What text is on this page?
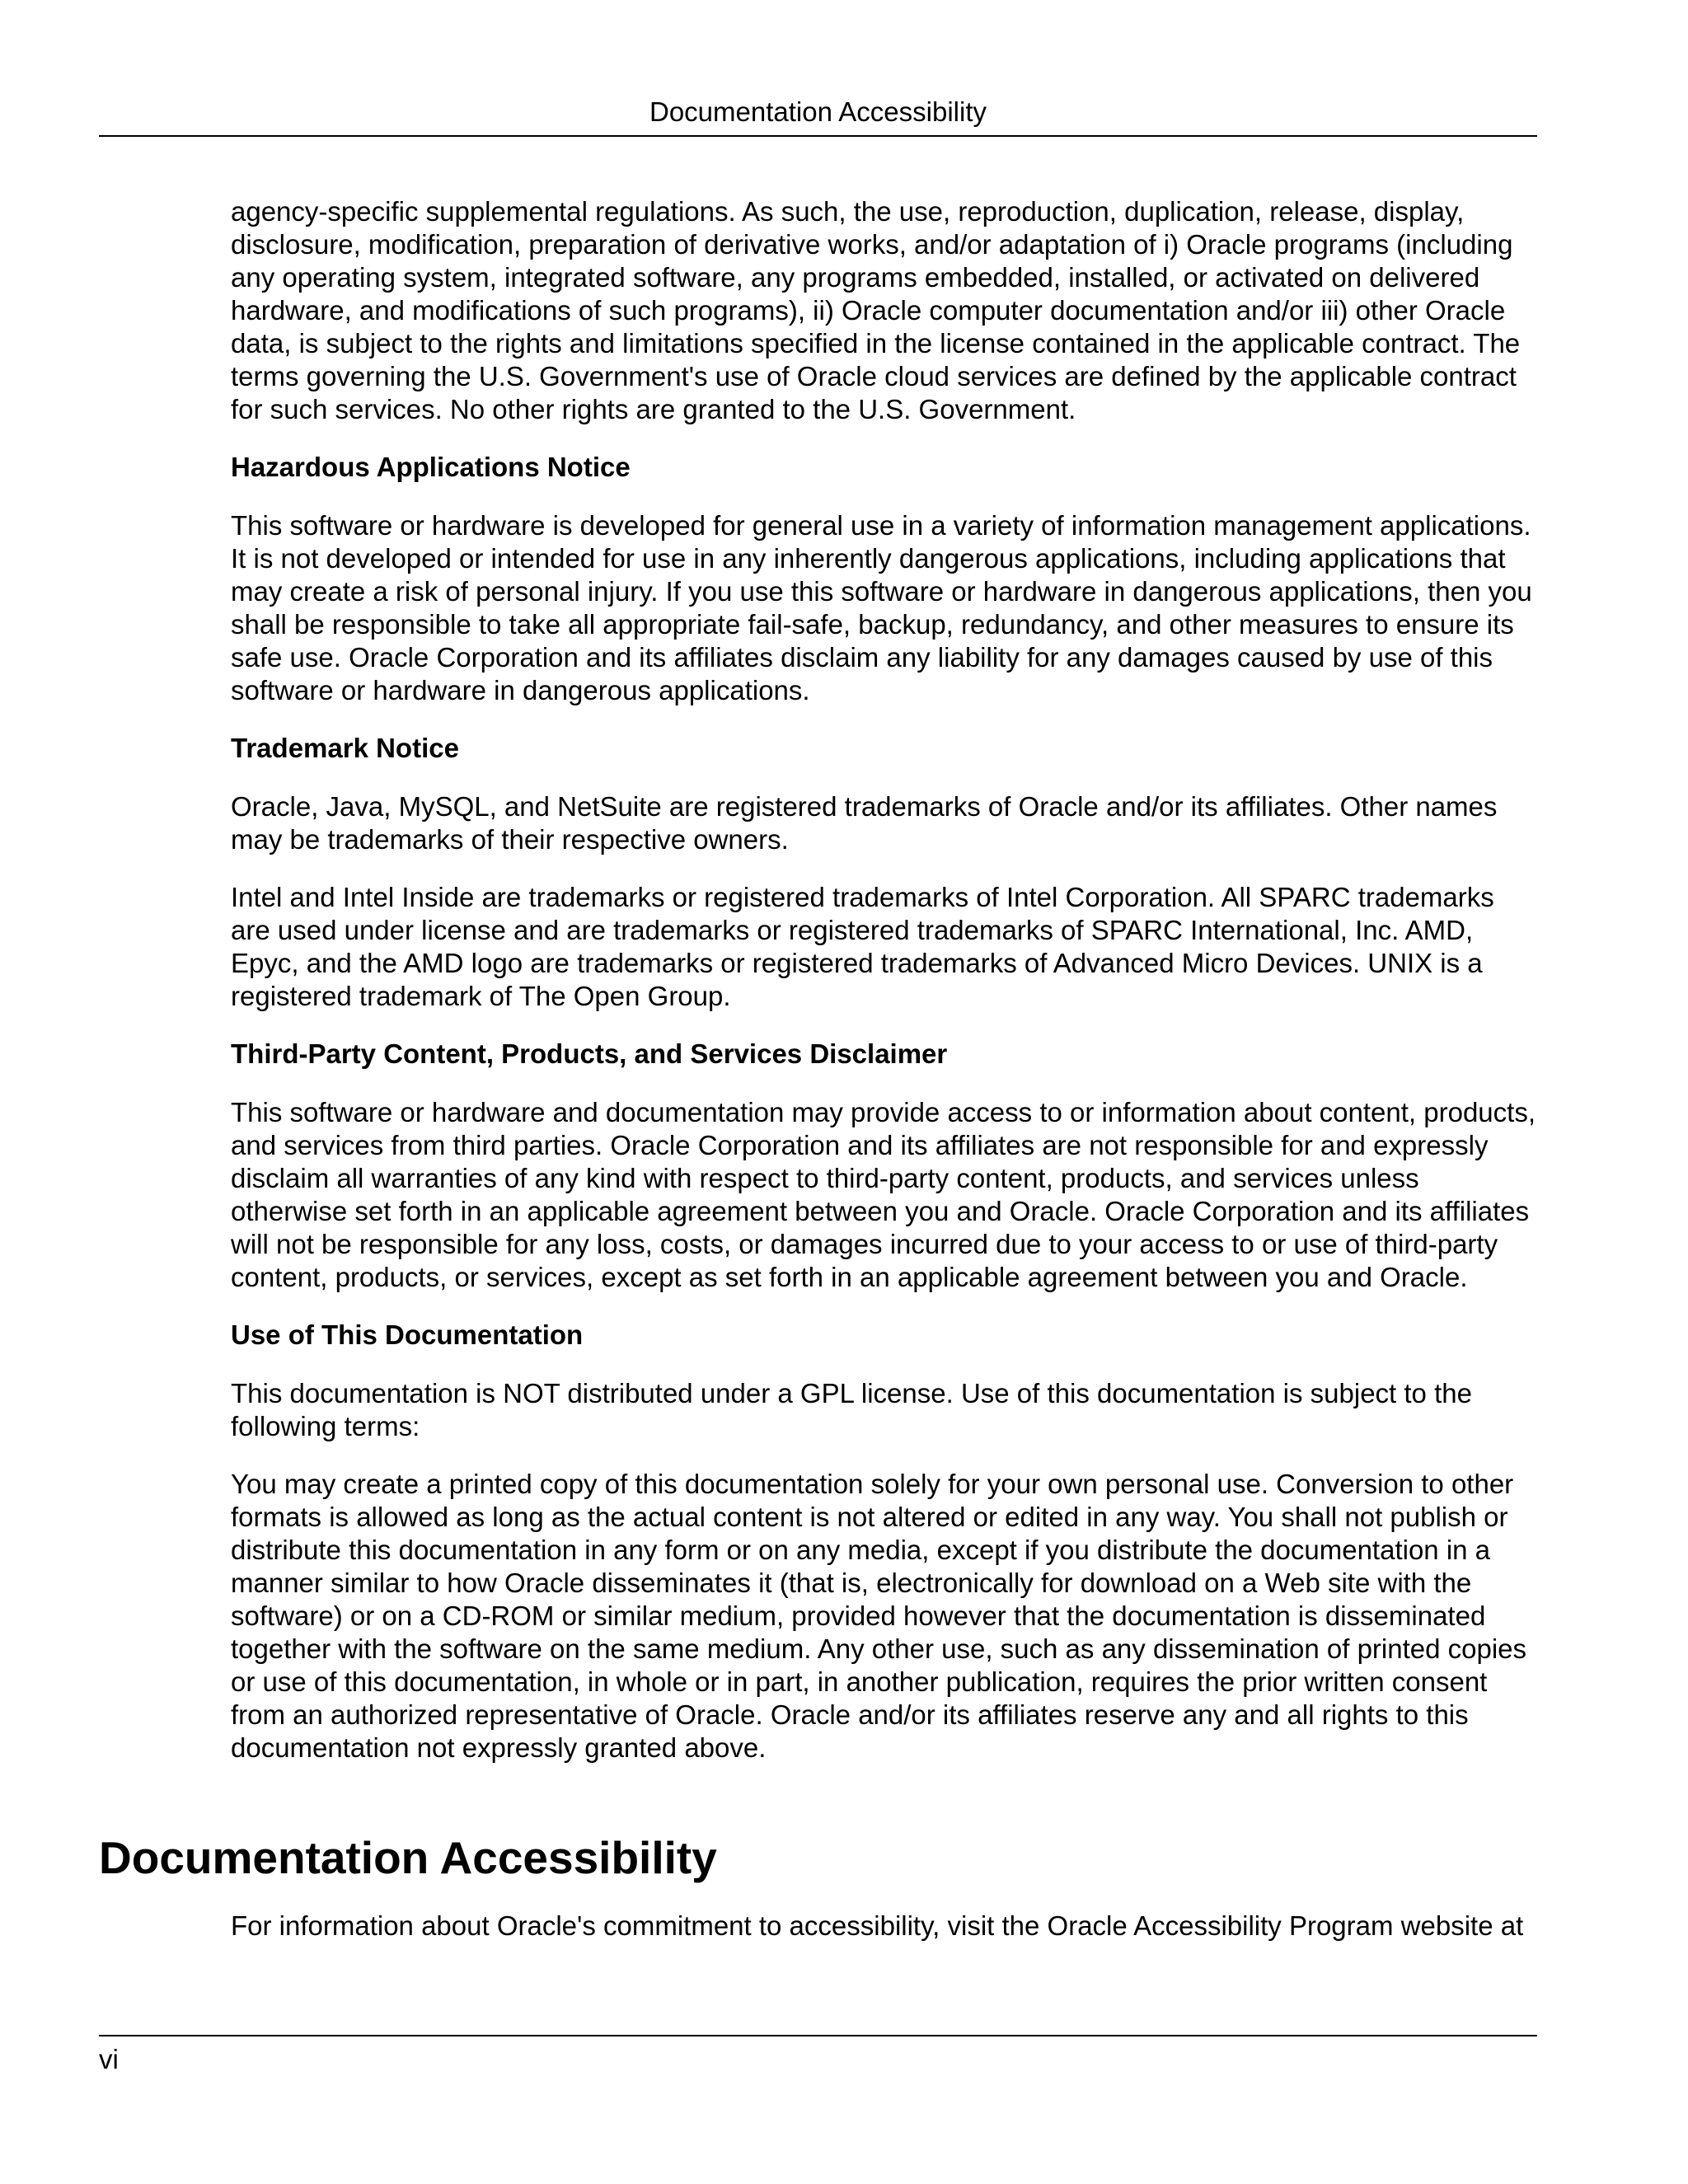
Documentation Accessibility

agency-specific supplemental regulations. As such, the use, reproduction, duplication, release, display, disclosure, modification, preparation of derivative works, and/or adaptation of i) Oracle programs (including any operating system, integrated software, any programs embedded, installed, or activated on delivered hardware, and modifications of such programs), ii) Oracle computer documentation and/or iii) other Oracle data, is subject to the rights and limitations specified in the license contained in the applicable contract. The terms governing the U.S. Government's use of Oracle cloud services are defined by the applicable contract for such services. No other rights are granted to the U.S. Government.

Hazardous Applications Notice

This software or hardware is developed for general use in a variety of information management applications. It is not developed or intended for use in any inherently dangerous applications, including applications that may create a risk of personal injury. If you use this software or hardware in dangerous applications, then you shall be responsible to take all appropriate fail-safe, backup, redundancy, and other measures to ensure its safe use. Oracle Corporation and its affiliates disclaim any liability for any damages caused by use of this software or hardware in dangerous applications.

Trademark Notice

Oracle, Java, MySQL, and NetSuite are registered trademarks of Oracle and/or its affiliates. Other names may be trademarks of their respective owners.

Intel and Intel Inside are trademarks or registered trademarks of Intel Corporation. All SPARC trademarks are used under license and are trademarks or registered trademarks of SPARC International, Inc. AMD, Epyc, and the AMD logo are trademarks or registered trademarks of Advanced Micro Devices. UNIX is a registered trademark of The Open Group.

Third-Party Content, Products, and Services Disclaimer

This software or hardware and documentation may provide access to or information about content, products, and services from third parties. Oracle Corporation and its affiliates are not responsible for and expressly disclaim all warranties of any kind with respect to third-party content, products, and services unless otherwise set forth in an applicable agreement between you and Oracle. Oracle Corporation and its affiliates will not be responsible for any loss, costs, or damages incurred due to your access to or use of third-party content, products, or services, except as set forth in an applicable agreement between you and Oracle.

Use of This Documentation

This documentation is NOT distributed under a GPL license. Use of this documentation is subject to the following terms:

You may create a printed copy of this documentation solely for your own personal use. Conversion to other formats is allowed as long as the actual content is not altered or edited in any way. You shall not publish or distribute this documentation in any form or on any media, except if you distribute the documentation in a manner similar to how Oracle disseminates it (that is, electronically for download on a Web site with the software) or on a CD-ROM or similar medium, provided however that the documentation is disseminated together with the software on the same medium. Any other use, such as any dissemination of printed copies or use of this documentation, in whole or in part, in another publication, requires the prior written consent from an authorized representative of Oracle. Oracle and/or its affiliates reserve any and all rights to this documentation not expressly granted above.

Documentation Accessibility

For information about Oracle's commitment to accessibility, visit the Oracle Accessibility Program website at

vi
